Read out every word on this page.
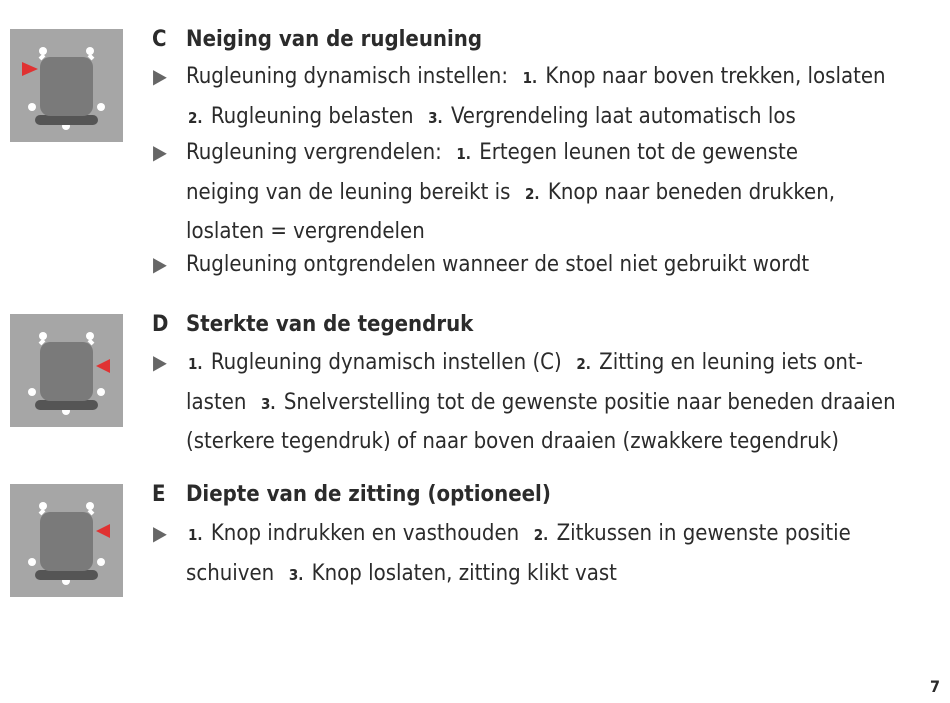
C Neiging van de rugleuning
▶ Rugleuning dynamisch instellen: 1. Knop naar boven trekken, loslaten
2. Rugleuning belasten 3. Vergrendeling laat automatisch los
▶ Rugleuning vergrendelen: 1. Ertegen leunen tot de gewenste
neiging van de leuning bereikt is 2. Knop naar beneden drukken,
loslaten = vergrendelen
▶ Rugleuning ontgrendelen wanneer de stoel niet gebruikt wordt
D Sterkte van de tegendruk
▶ 1. Rugleuning dynamisch instellen (C) 2. Zitting en leuning iets ont-
lasten 3. Snelverstelling tot de gewenste positie naar beneden draaien
(sterkere tegendruk) of naar boven draaien (zwakkere tegendruk)
E Diepte van de zitting (optioneel)
▶ 1. Knop indrukken en vasthouden 2. Zitkussen in gewenste positie
schuiven 3. Knop loslaten, zitting klikt vast
7
